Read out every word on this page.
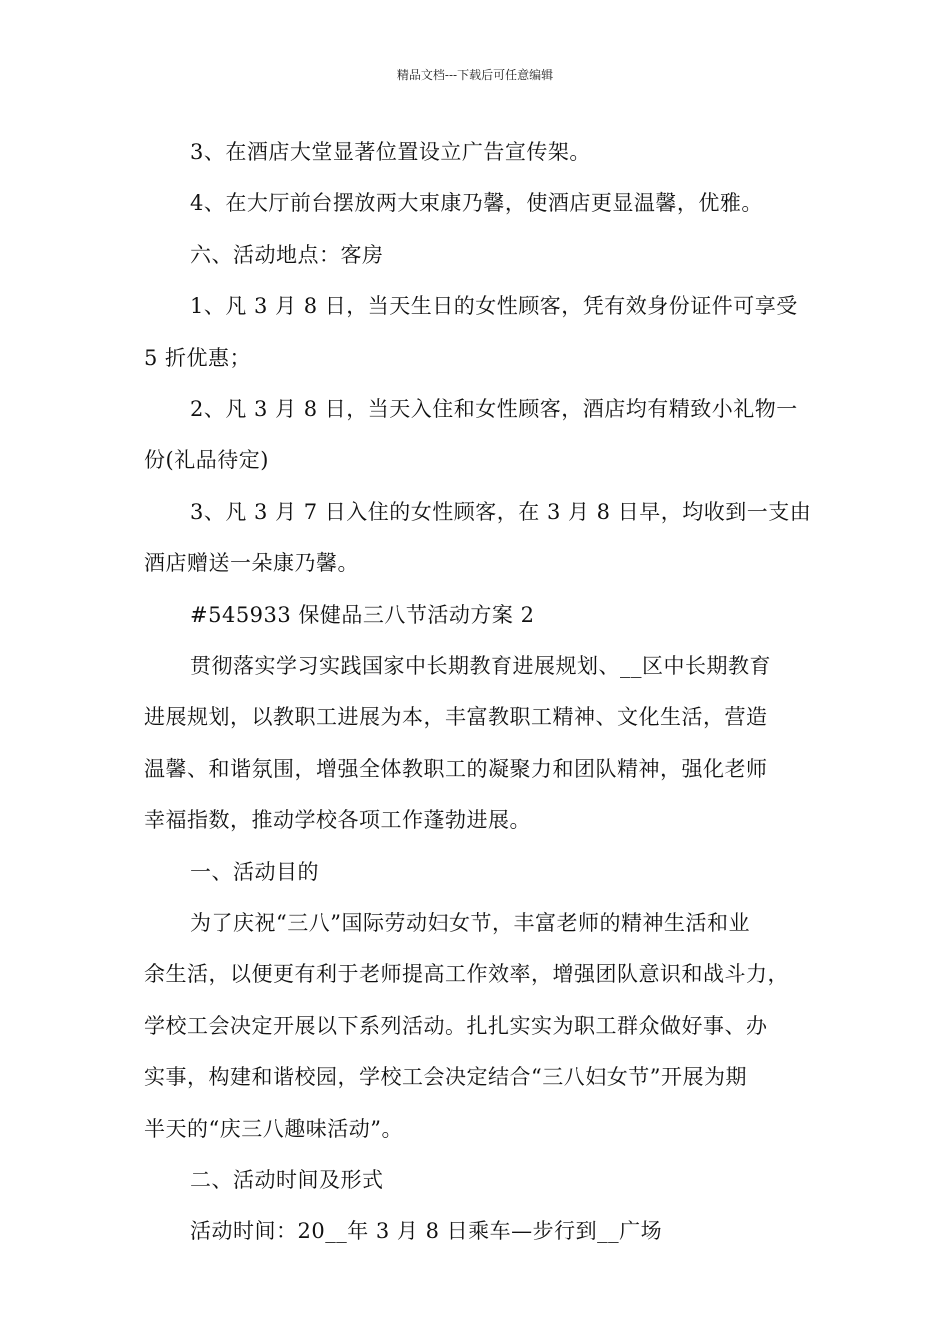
精品文档---下载后可任意编辑
3、在酒店大堂显著位置设立广告宣传架。
4、在大厅前台摆放两大束康乃馨，使酒店更显温馨，优雅。
六、活动地点：客房
1、凡 3 月 8 日，当天生日的女性顾客，凭有效身份证件可享受
5 折优惠；
2、凡 3 月 8 日，当天入住和女性顾客，酒店均有精致小礼物一
份(礼品待定)
3、凡 3 月 7 日入住的女性顾客，在 3 月 8 日早，均收到一支由
酒店赠送一朵康乃馨。
#545933 保健品三八节活动方案 2
贯彻落实学习实践国家中长期教育进展规划、__区中长期教育
进展规划，以教职工进展为本，丰富教职工精神、文化生活，营造
温馨、和谐氛围，增强全体教职工的凝聚力和团队精神，强化老师
幸福指数，推动学校各项工作蓬勃进展。
一、活动目的
为了庆祝“三八”国际劳动妇女节，丰富老师的精神生活和业
余生活，以便更有利于老师提高工作效率，增强团队意识和战斗力，
学校工会决定开展以下系列活动。扎扎实实为职工群众做好事、办
实事，构建和谐校园，学校工会决定结合“三八妇女节”开展为期
半天的“庆三八趣味活动”。
二、活动时间及形式
活动时间：20__年 3 月 8 日乘车—步行到__广场
